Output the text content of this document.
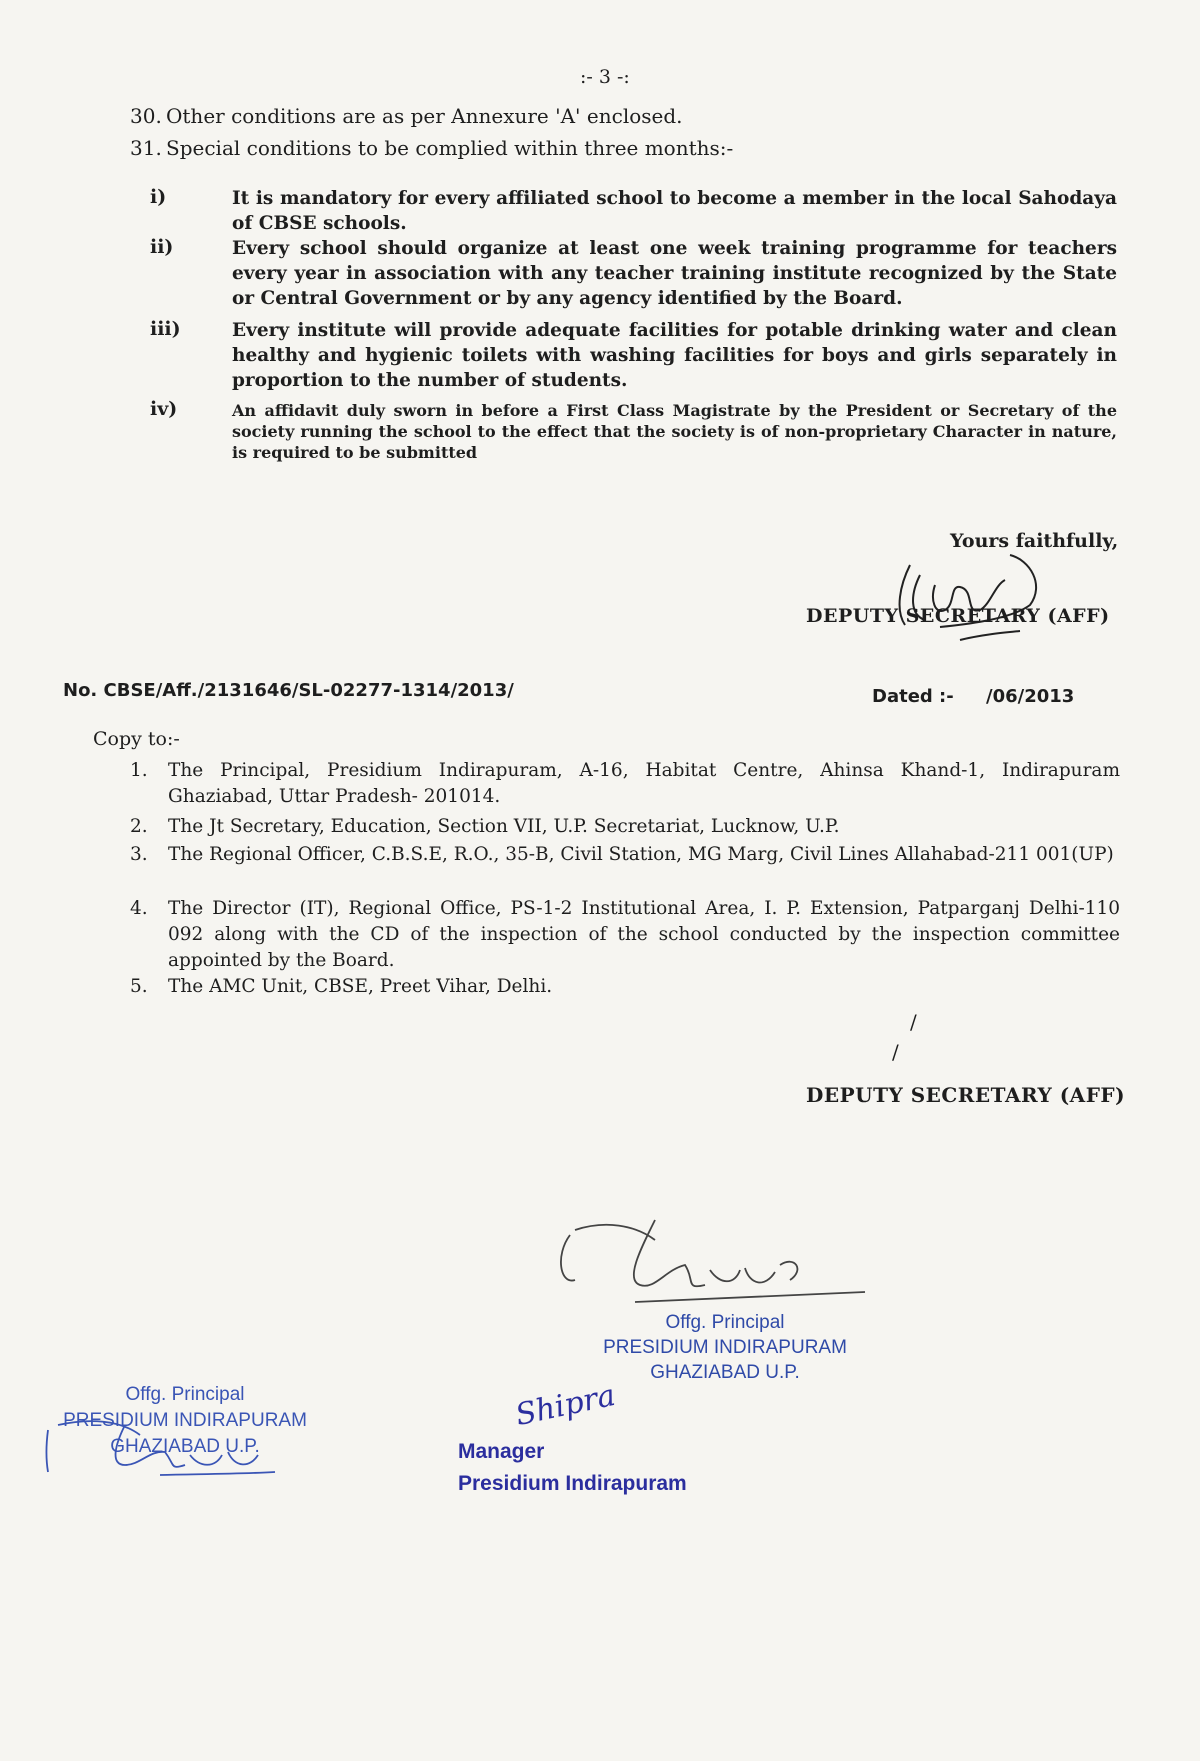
:- 3 -:
30. Other conditions are as per Annexure 'A' enclosed.
31. Special conditions to be complied within three months:-
i)	It is mandatory for every affiliated school to become a member in the local Sahodaya of CBSE schools.
ii)	Every school should organize at least one week training programme for teachers every year in association with any teacher training institute recognized by the State or Central Government or by any agency identified by the Board.
iii)	Every institute will provide adequate facilities for potable drinking water and clean healthy and hygienic toilets with washing facilities for boys and girls separately in proportion to the number of students.
iv)	An affidavit duly sworn in before a First Class Magistrate by the President or Secretary of the society running the school to the effect that the society is of non-proprietary Character in nature, is required to be submitted
Yours faithfully,
DEPUTY SECRETARY (AFF)
No. CBSE/Aff./2131646/SL-02277-1314/2013/	Dated :- /06/2013
Copy to:-
1. The Principal, Presidium Indirapuram, A-16, Habitat Centre, Ahinsa Khand-1, Indirapuram Ghaziabad, Uttar Pradesh- 201014.
2. The Jt Secretary, Education, Section VII, U.P. Secretariat, Lucknow, U.P.
3. The Regional Officer, C.B.S.E, R.O., 35-B, Civil Station, MG Marg, Civil Lines Allahabad-211 001(UP)
4. The Director (IT), Regional Office, PS-1-2 Institutional Area, I. P. Extension, Patparganj Delhi-110 092 along with the CD of the inspection of the school conducted by the inspection committee appointed by the Board.
5. The AMC Unit, CBSE, Preet Vihar, Delhi.
/
/
DEPUTY SECRETARY (AFF)
Offg. Principal
PRESIDIUM INDIRAPURAM
GHAZIABAD U.P.
Offg. Principal
PRESIDIUM INDIRAPURAM
GHAZIABAD U.P.
Shipra
Manager
Presidium Indirapuram
